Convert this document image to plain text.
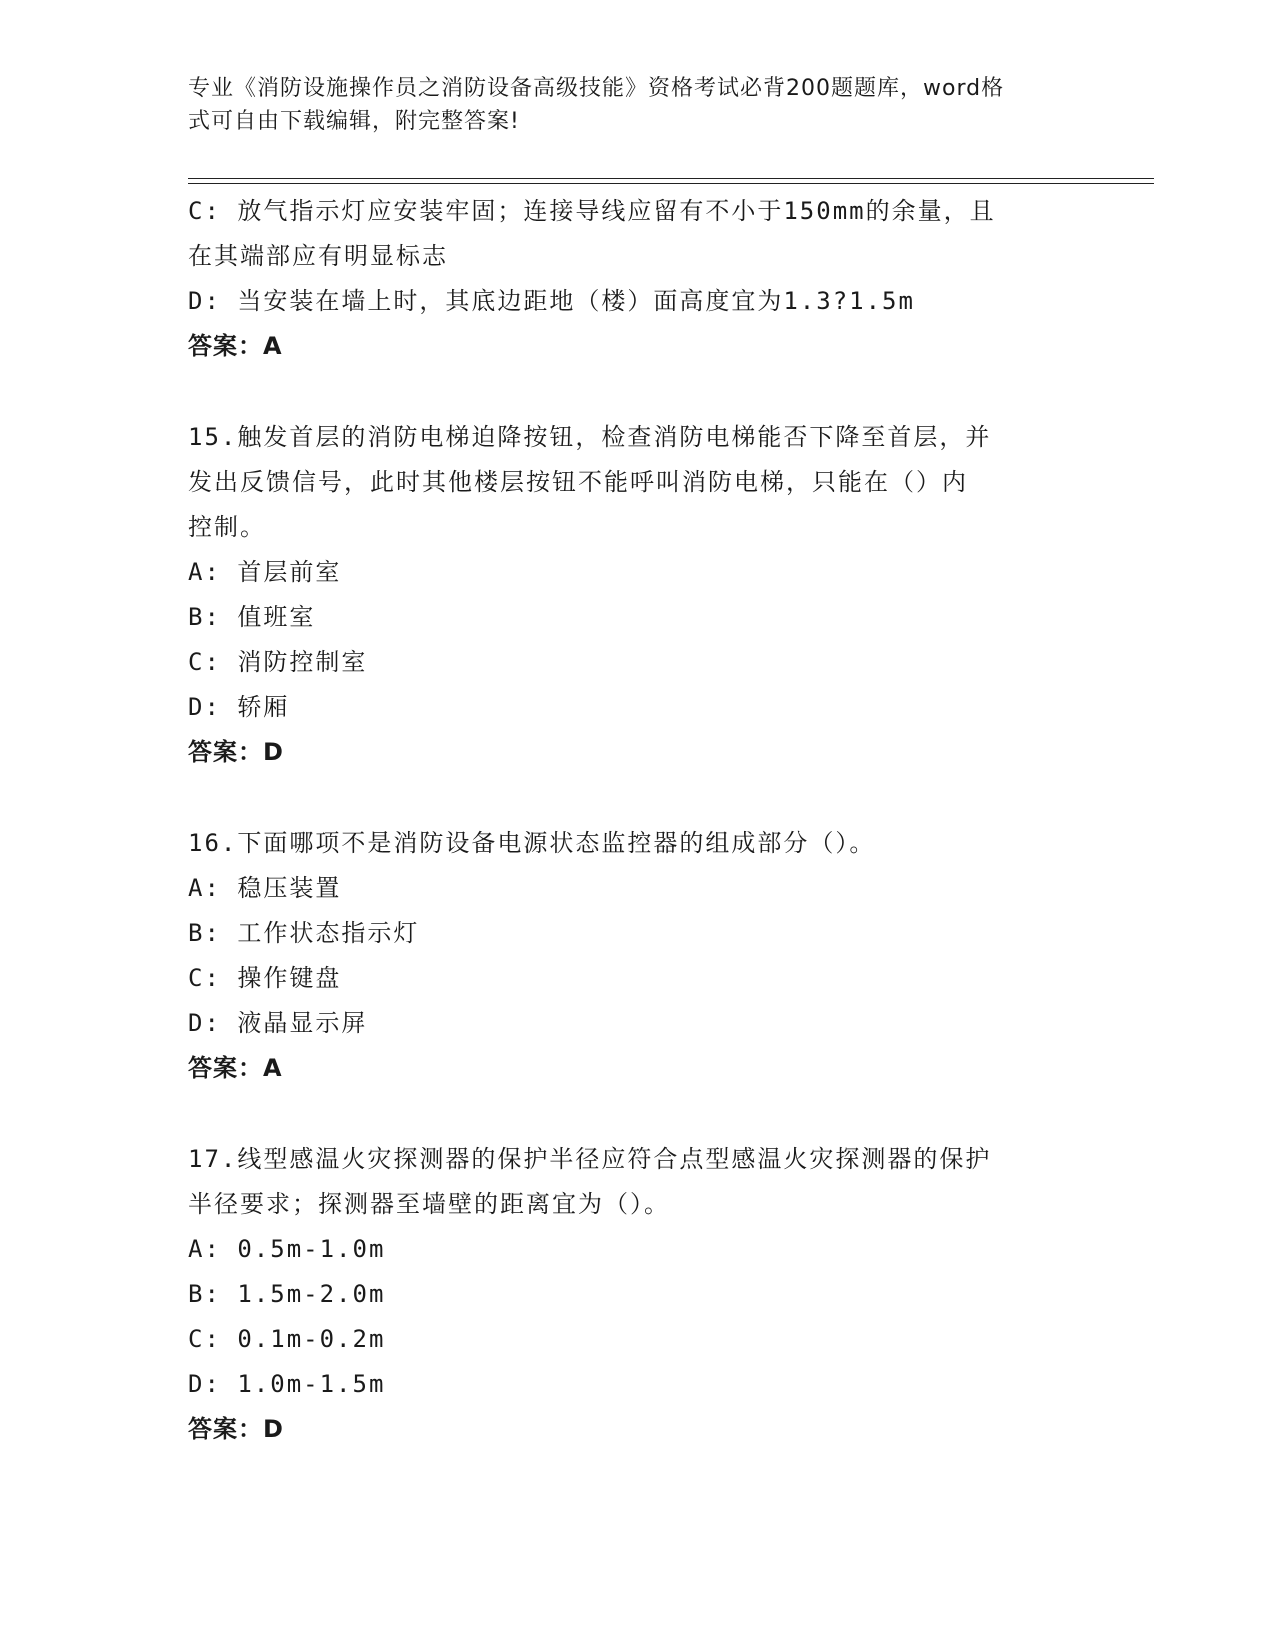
专业《消防设施操作员之消防设备高级技能》资格考试必背200题题库，word格
式可自由下载编辑，附完整答案!
C: 放气指示灯应安装牢固；连接导线应留有不小于150mm的余量，且
在其端部应有明显标志
D: 当安装在墙上时，其底边距地（楼）面高度宜为1.3?1.5m
答案：A
15.触发首层的消防电梯迫降按钮，检查消防电梯能否下降至首层，并
发出反馈信号，此时其他楼层按钮不能呼叫消防电梯，只能在（）内
控制。
A: 首层前室
B: 值班室
C: 消防控制室
D: 轿厢
答案：D
16.下面哪项不是消防设备电源状态监控器的组成部分（）。
A: 稳压装置
B: 工作状态指示灯
C: 操作键盘
D: 液晶显示屏
答案：A
17.线型感温火灾探测器的保护半径应符合点型感温火灾探测器的保护
半径要求；探测器至墙壁的距离宜为（）。
A: 0.5m-1.0m
B: 1.5m-2.0m
C: 0.1m-0.2m
D: 1.0m-1.5m
答案：D
